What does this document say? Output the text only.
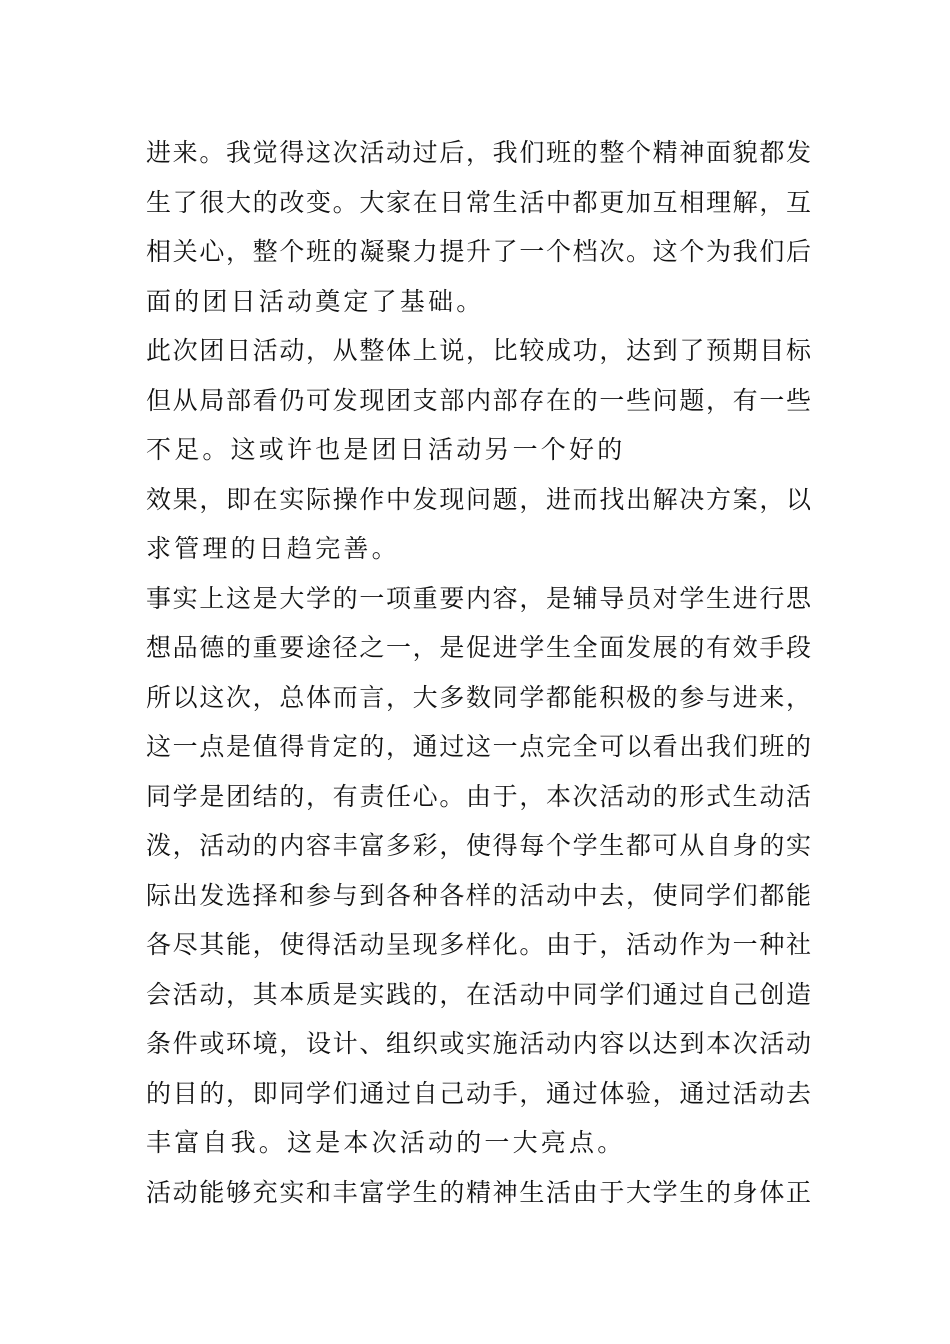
进来。我觉得这次活动过后，我们班的整个精神面貌都发
生了很大的改变。大家在日常生活中都更加互相理解，互
相关心，整个班的凝聚力提升了一个档次。这个为我们后
面的团日活动奠定了基础。
此次团日活动，从整体上说，比较成功，达到了预期目标
但从局部看仍可发现团支部内部存在的一些问题，有一些
不足。这或许也是团日活动另一个好的
效果，即在实际操作中发现问题，进而找出解决方案，以
求管理的日趋完善。
事实上这是大学的一项重要内容，是辅导员对学生进行思
想品德的重要途径之一，是促进学生全面发展的有效手段
所以这次，总体而言，大多数同学都能积极的参与进来，
这一点是值得肯定的，通过这一点完全可以看出我们班的
同学是团结的，有责任心。由于，本次活动的形式生动活
泼，活动的内容丰富多彩，使得每个学生都可从自身的实
际出发选择和参与到各种各样的活动中去，使同学们都能
各尽其能，使得活动呈现多样化。由于，活动作为一种社
会活动，其本质是实践的，在活动中同学们通过自己创造
条件或环境，设计、组织或实施活动内容以达到本次活动
的目的，即同学们通过自己动手，通过体验，通过活动去
丰富自我。这是本次活动的一大亮点。
活动能够充实和丰富学生的精神生活由于大学生的身体正
